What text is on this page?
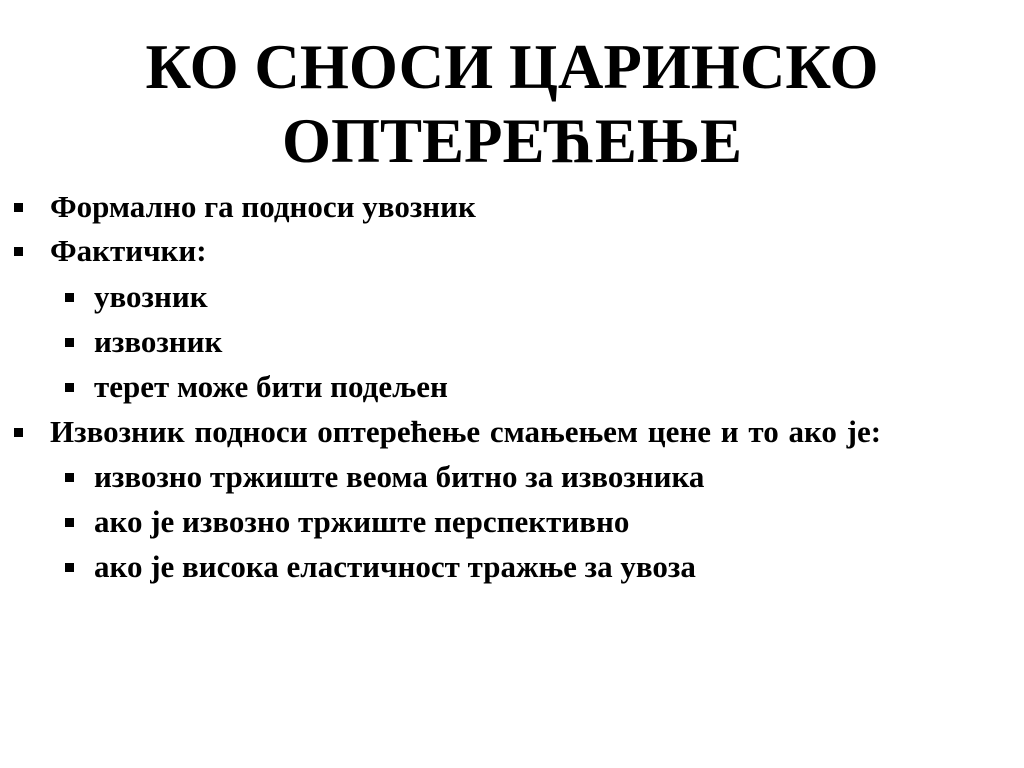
КО СНОСИ ЦАРИНСКО
ОПТЕРЕЋЕЊЕ
Формално га подноси увозник
Фактички:
увозник
извозник
терет може бити подељен
Извозник подноси оптерећење смањењем цене и то ако је:
извозно тржиште веома битно за извозника
ако је извозно тржиште перспективно
ако је висока еластичност тражње за увоза
